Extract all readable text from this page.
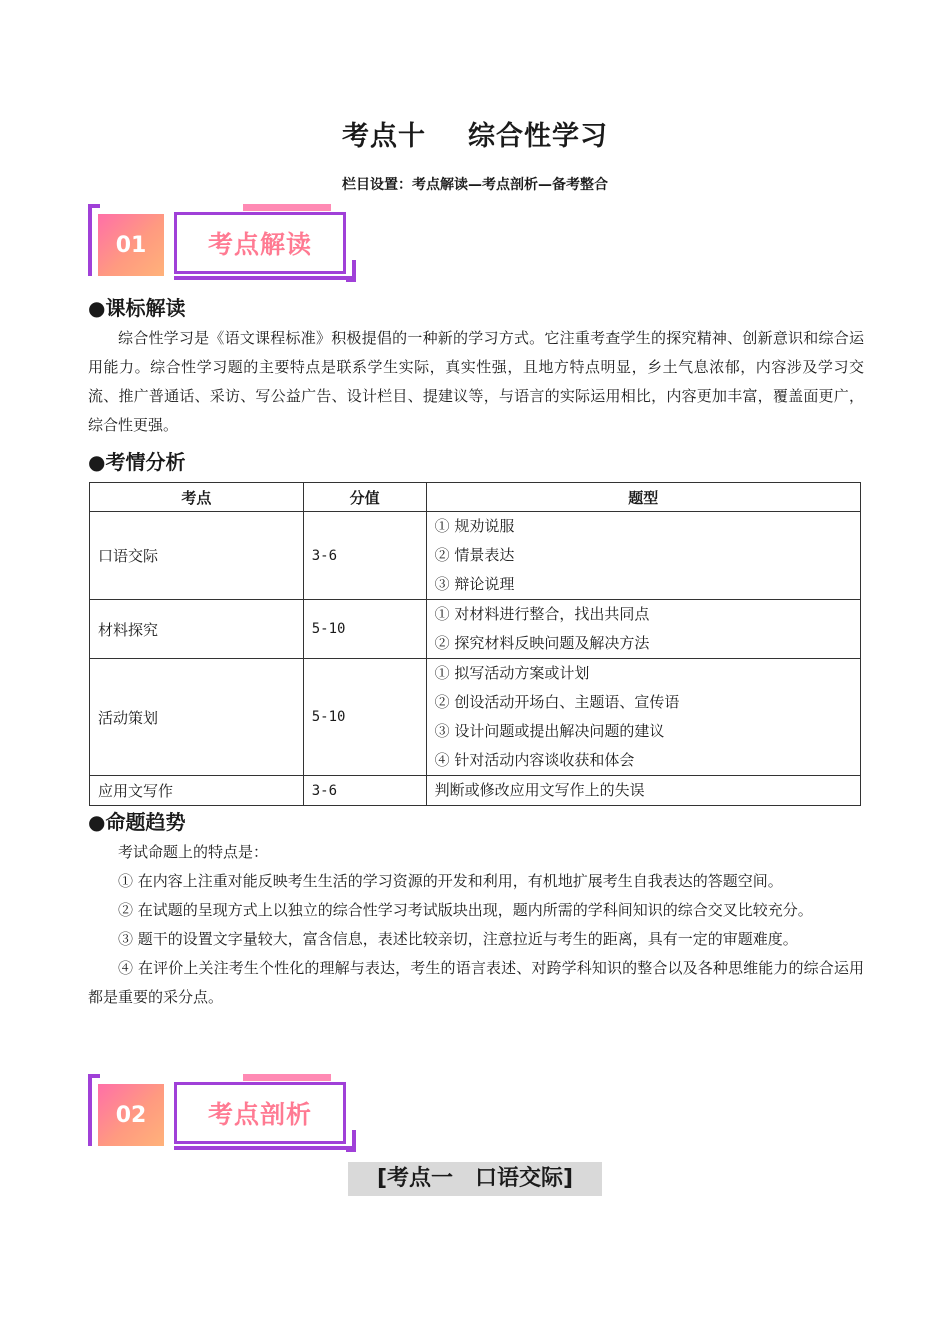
考点十 综合性学习
栏目设置：考点解读—考点剖析—备考整合
01	考点解读
●课标解读
综合性学习是《语文课程标准》积极提倡的一种新的学习方式。它注重考查学生的探究精神、创新意识和综合运用能力。综合性学习题的主要特点是联系学生实际，真实性强，且地方特点明显，乡土气息浓郁，内容涉及学习交流、推广普通话、采访、写公益广告、设计栏目、提建议等，与语言的实际运用相比，内容更加丰富，覆盖面更广，综合性更强。
●考情分析
考点	分值	题型
口语交际	3-6	① 规劝说服
② 情景表达
③ 辩论说理

材料探究	5-10	① 对材料进行整合，找出共同点
② 探究材料反映问题及解决方法

活动策划	5-10	① 拟写活动方案或计划
② 创设活动开场白、主题语、宣传语
③ 设计问题或提出解决问题的建议
④ 针对活动内容谈收获和体会

应用文写作	3-6	判断或修改应用文写作上的失误
●命题趋势

考试命题上的特点是：

① 在内容上注重对能反映考生生活的学习资源的开发和利用，有机地扩展考生自我表达的答题空间。

② 在试题的呈现方式上以独立的综合性学习考试版块出现，题内所需的学科间知识的综合交叉比较充分。

③ 题干的设置文字量较大，富含信息，表述比较亲切，注意拉近与考生的距离，具有一定的审题难度。

④ 在评价上关注考生个性化的理解与表达，考生的语言表述、对跨学科知识的整合以及各种思维能力的综合运用都是重要的采分点。

02	考点剖析
[考点一　口语交际]
